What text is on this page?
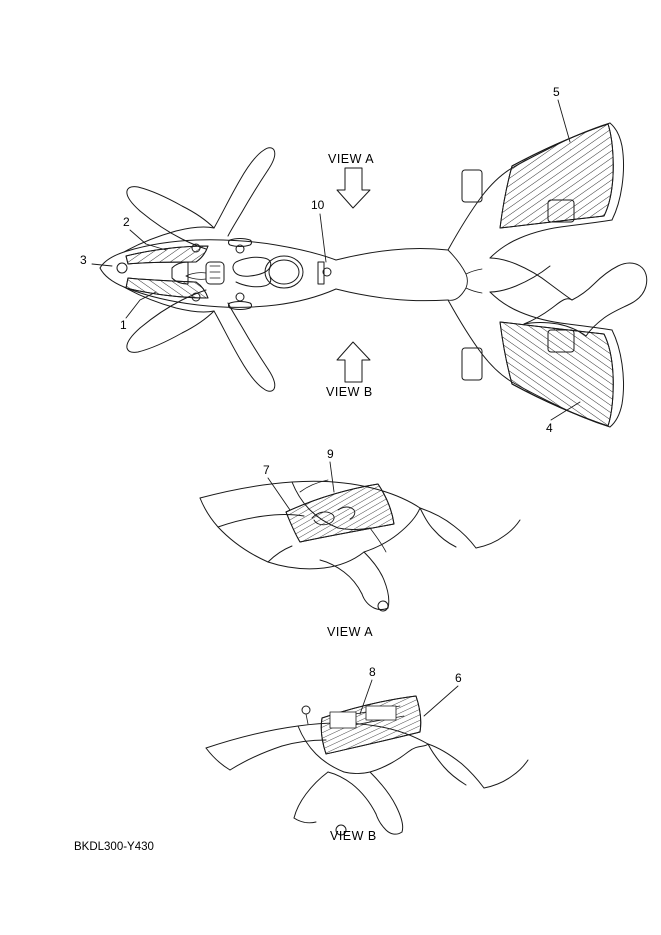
1
2
3
4
5
6
7
8
9
10
VIEW A
VIEW B
VIEW A
VIEW B
BKDL300-Y430
